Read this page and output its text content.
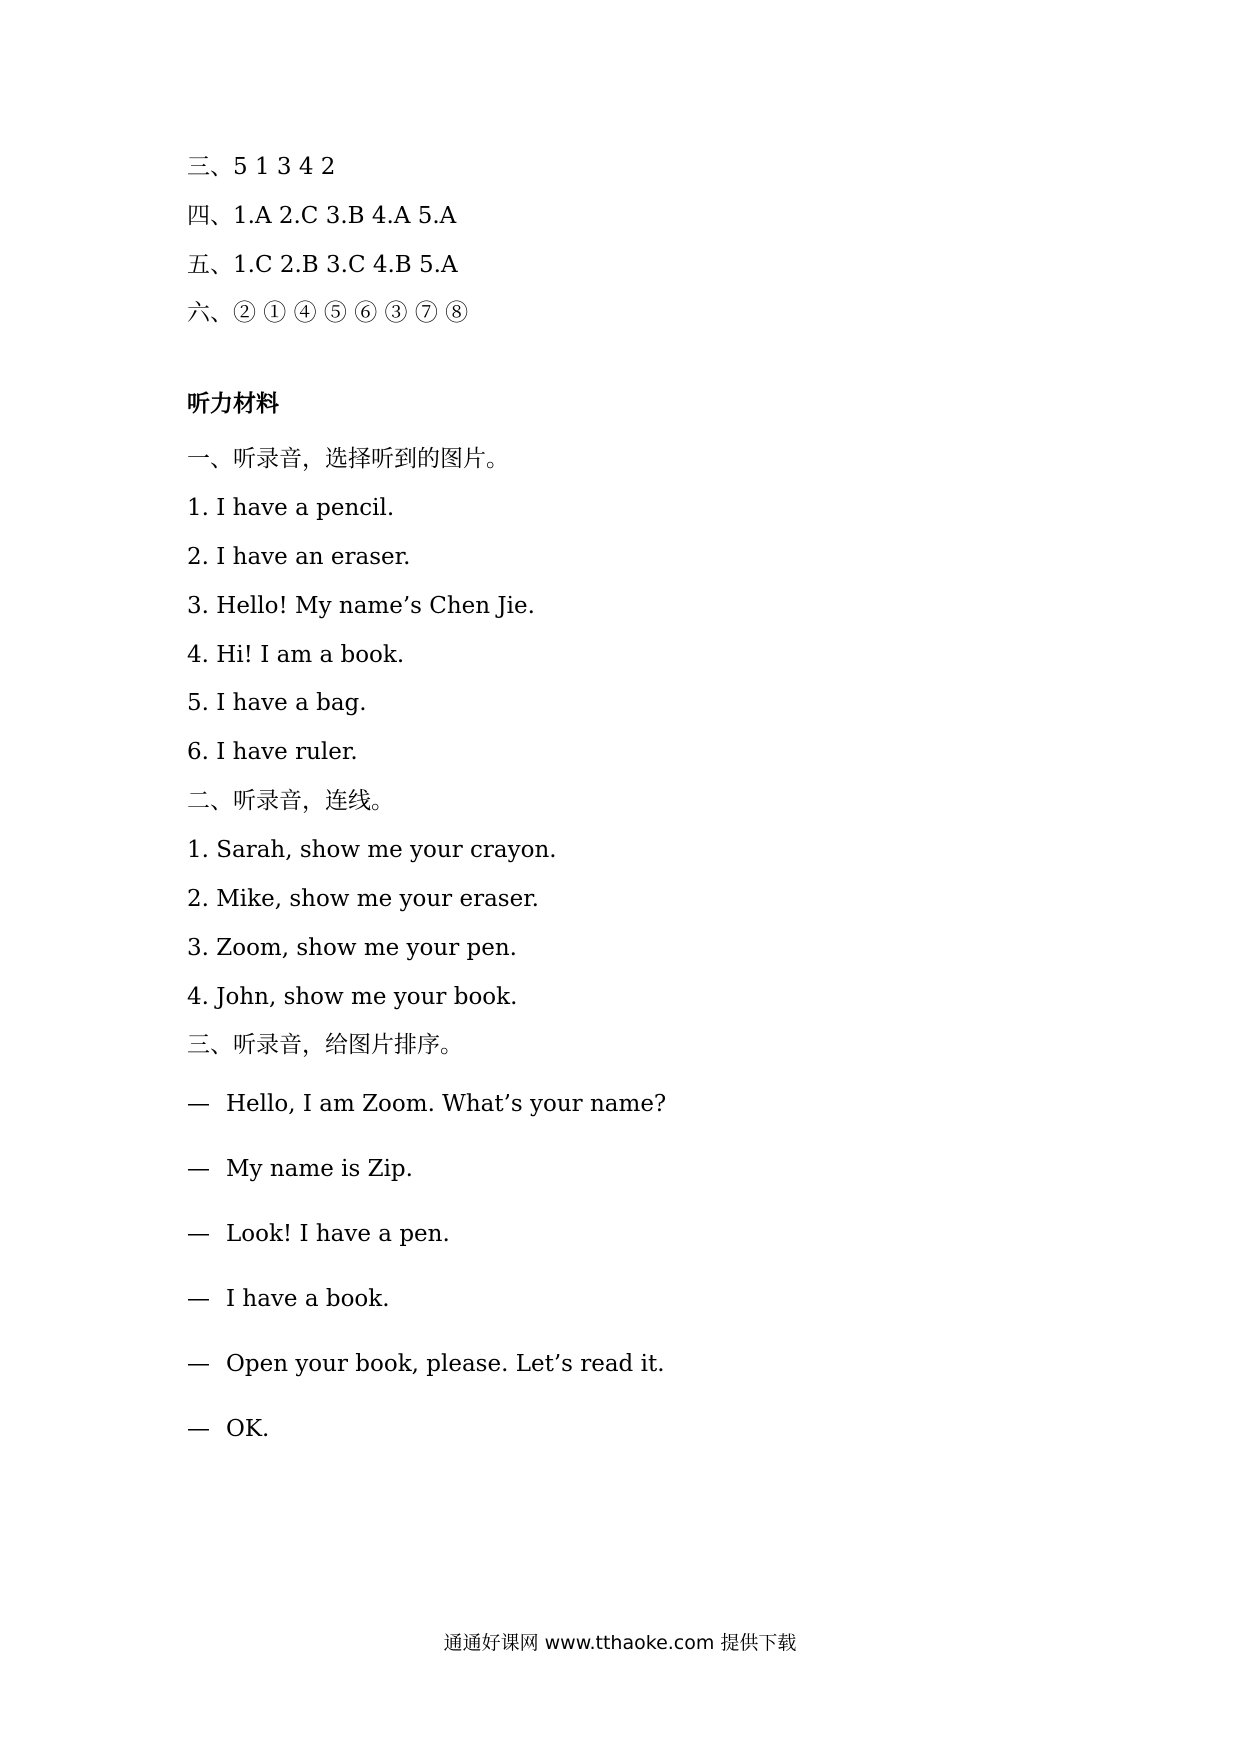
三、5 1 3 4 2
四、1.A 2.C 3.B 4.A 5.A
五、1.C 2.B 3.C 4.B 5.A
六、② ① ④ ⑤ ⑥ ③ ⑦ ⑧
听力材料
一、听录音，选择听到的图片。
1. I have a pencil.
2. I have an eraser.
3. Hello! My name’s Chen Jie.
4. Hi! I am a book.
5. I have a bag.
6. I have ruler.
二、听录音，连线。
1. Sarah, show me your crayon.
2. Mike, show me your eraser.
3. Zoom, show me your pen.
4. John, show me your book.
三、听录音，给图片排序。
— Hello, I am Zoom. What’s your name?
— My name is Zip.
— Look! I have a pen.
— I have a book.
— Open your book, please. Let’s read it.
— OK.
通通好课网 www.tthaoke.com 提供下载
